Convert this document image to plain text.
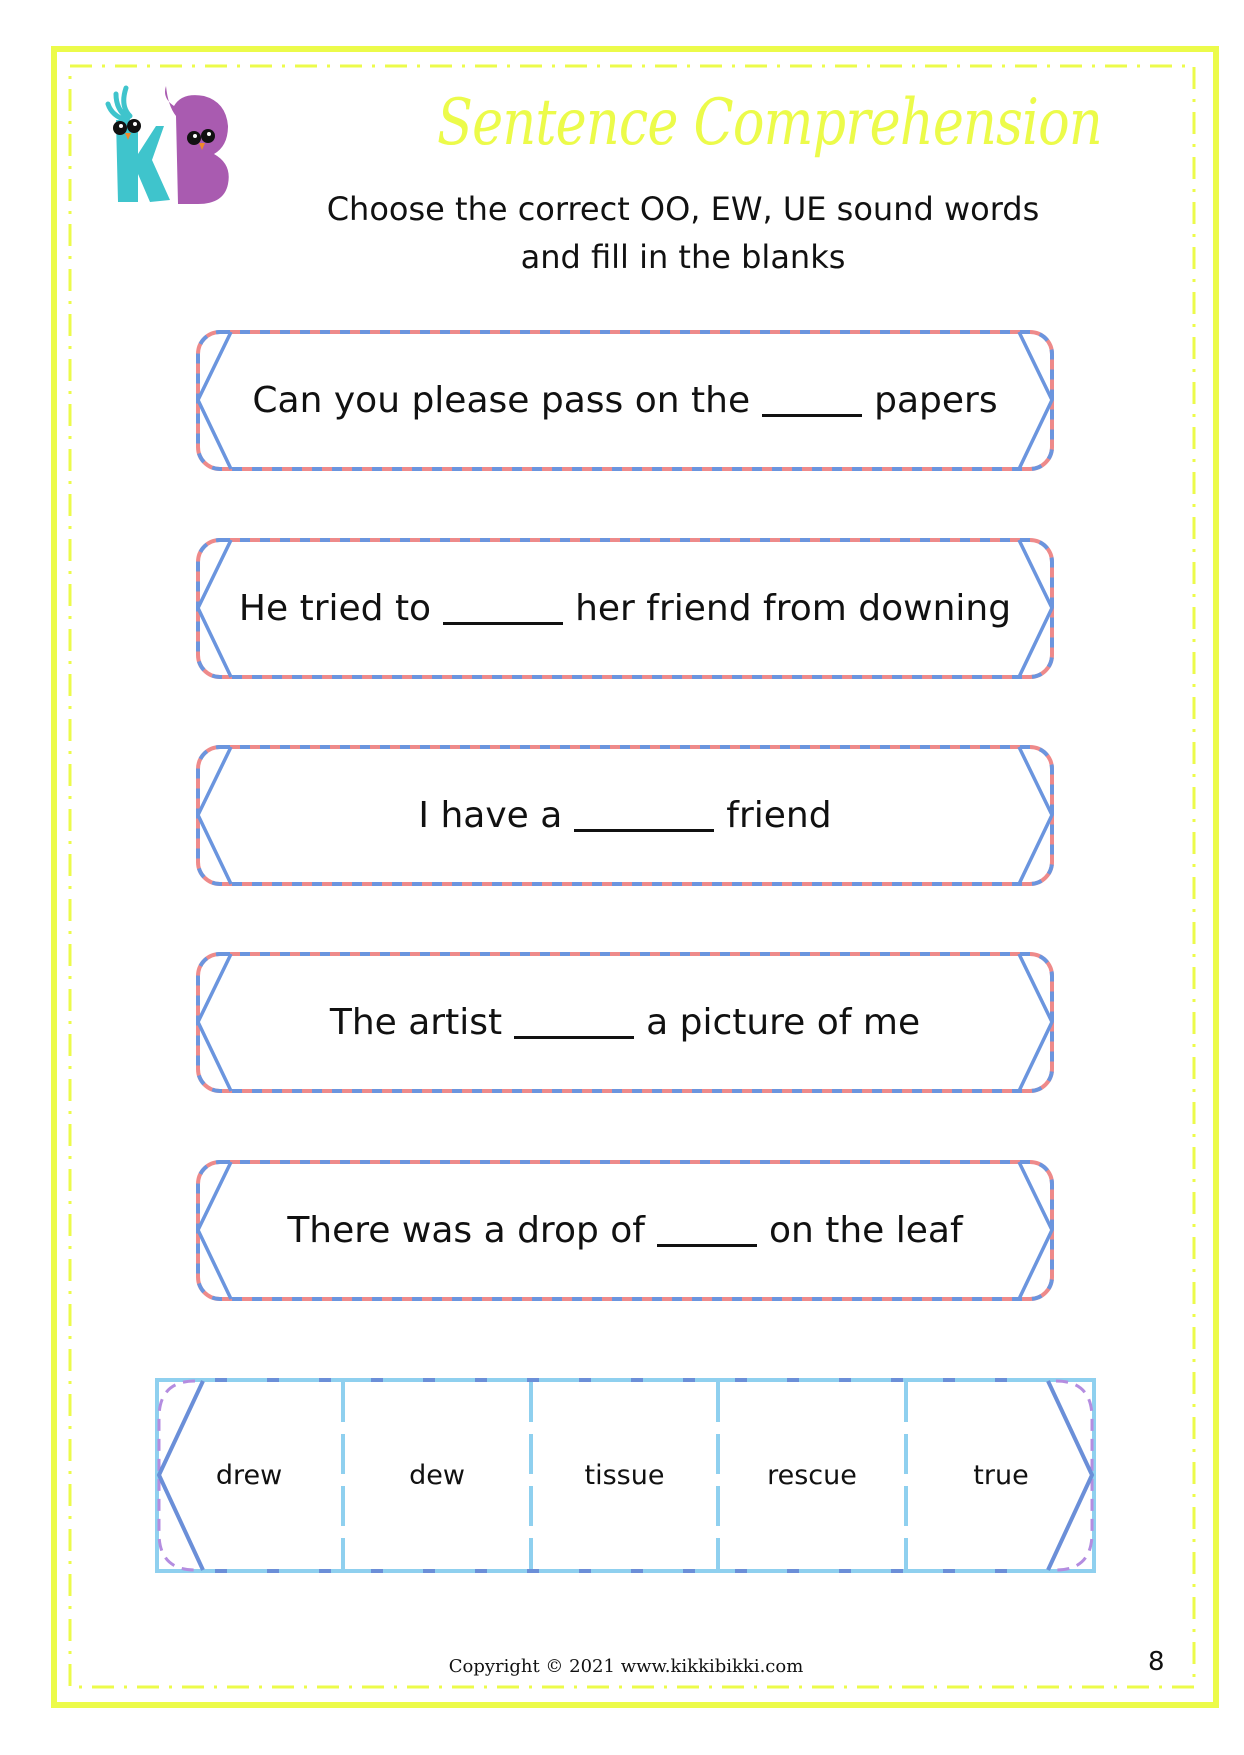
Sentence Comprehension
Choose the correct OO, EW, UE sound words
and fill in the blanks
Can you please pass on the	papers
He tried to	her friend from downing
I have a	friend
The artist	a picture of me
There was a drop of	on the leaf
drew	dew	tissue	rescue	true
Copyright © 2021 www.kikkibikki.com	8
